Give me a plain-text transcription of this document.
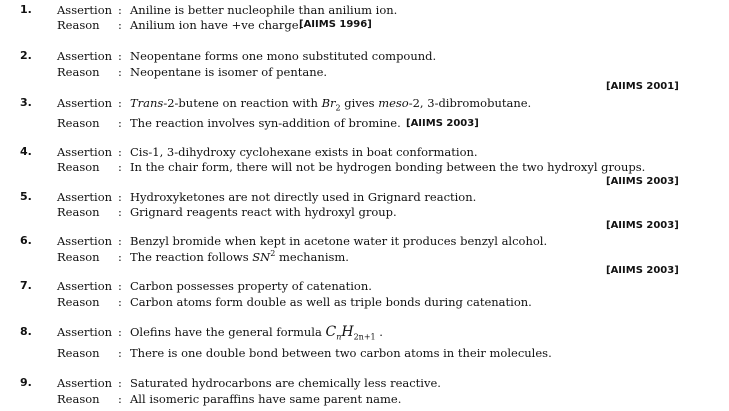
1. Assertion : Aniline is better nucleophile than anilium ion.
Reason : Anilium ion have +ve charge.
[AIIMS 1996]
2. Assertion : Neopentane forms one mono substituted compound.
Reason : Neopentane is isomer of pentane.
[AIIMS 2001]
3. Assertion : Trans-2-butene on reaction with $Br_2$ gives meso-2, 3-dibromobutane.
Reason : The reaction involves syn-addition of bromine. [AIIMS 2003]
4. Assertion : Cis-1, 3-dihydroxy cyclohexane exists in boat conformation.
Reason : In the chair form, there will not be hydrogen bonding between the two hydroxyl groups.
[AIIMS 2003]
5. Assertion : Hydroxyketones are not directly used in Grignard reaction.
Reason : Grignard reagents react with hydroxyl group.
[AIIMS 2003]
6. Assertion : Benzyl bromide when kept in acetone water it produces benzyl alcohol.
Reason : The reaction follows $SN^2$ mechanism.
[AIIMS 2003]
7. Assertion : Carbon possesses property of catenation.
Reason : Carbon atoms form double as well as triple bonds during catenation.
8. Assertion : Olefins have the general formula $C_nH_{2n+1}$ .
Reason : There is one double bond between two carbon atoms in their molecules.
9. Assertion : Saturated hydrocarbons are chemically less reactive.
Reason : All isomeric paraffins have same parent name.
